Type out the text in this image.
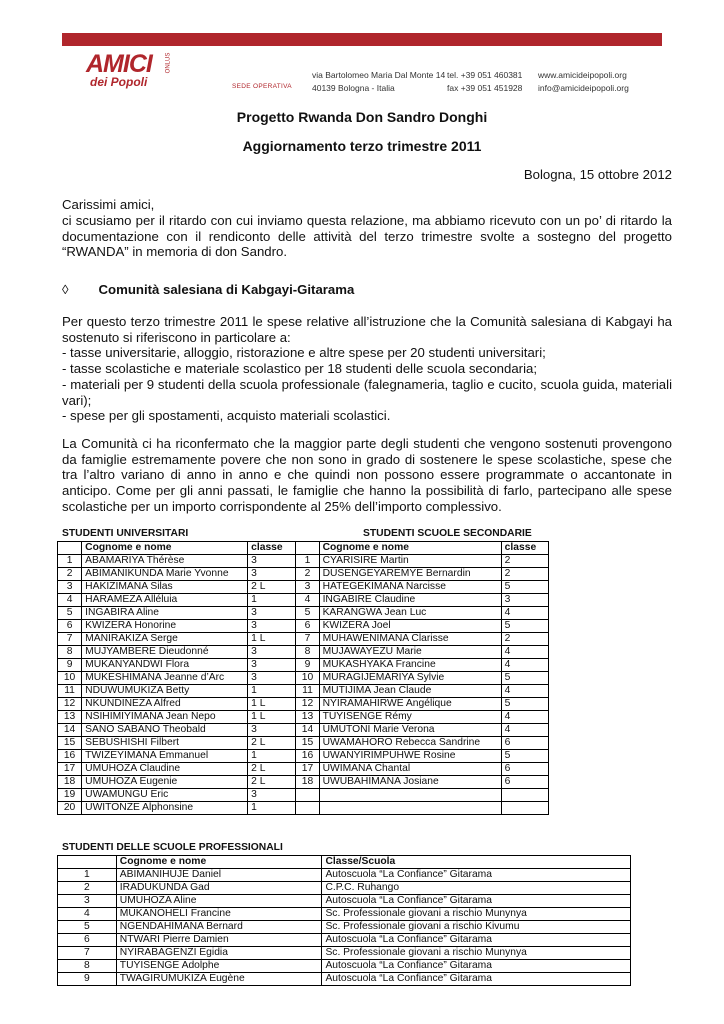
AMICI
dei Popoli
ONLUS
SEDE OPERATIVA
via Bartolomeo Maria Dal Monte 14
40139 Bologna - Italia
tel. +39 051 460381
fax +39 051 451928
www.amicideipopoli.org
info@amicideipopoli.org
Progetto Rwanda Don Sandro Donghi
Aggiornamento terzo trimestre 2011
Bologna, 15 ottobre 2012
Carissimi amici,
ci scusiamo per il ritardo con cui inviamo questa relazione, ma abbiamo ricevuto con un po’ di ritardo la documentazione con il rendiconto delle attività del terzo trimestre svolte a sostegno del progetto “RWANDA” in memoria di don Sandro.
◊ Comunità salesiana di Kabgayi-Gitarama
Per questo terzo trimestre 2011 le spese relative all’istruzione che la Comunità salesiana di Kabgayi ha sostenuto si riferiscono in particolare a:
- tasse universitarie, alloggio, ristorazione e altre spese per 20 studenti universitari;
- tasse scolastiche e materiale scolastico per 18 studenti delle scuola secondaria;
- materiali per 9 studenti della scuola professionale (falegnameria, taglio e cucito, scuola guida, materiali vari);
- spese per gli spostamenti, acquisto materiali scolastici.
La Comunità ci ha riconfermato che la maggior parte degli studenti che vengono sostenuti provengono da famiglie estremamente povere che non sono in grado di sostenere le spese scolastiche, spese che tra l’altro variano di anno in anno e che quindi non possono essere programmate o accantonate in anticipo. Come per gli anni passati, le famiglie che hanno la possibilità di farlo, partecipano alle spese scolastiche per un importo corrispondente al 25% dell’importo complessivo.
STUDENTI UNIVERSITARI	STUDENTI SCUOLE SECONDARIE
	Cognome e nome	classe		Cognome e nome	classe
1	ABAMARIYA Thérèse	3	1	CYARISIRE Martin	2
2	ABIMANIKUNDA Marie Yvonne	3	2	DUSENGEYAREMYE Bernardin	2
3	HAKIZIMANA Silas	2 L	3	HATEGEKIMANA Narcisse	5
4	HARAMEZA Alléluia	1	4	INGABIRE Claudine	3
5	INGABIRA Aline	3	5	KARANGWA Jean Luc	4
6	KWIZERA Honorine	3	6	KWIZERA Joel	5
7	MANIRAKIZA Serge	1 L	7	MUHAWENIMANA Clarisse	2
8	MUJYAMBERE Dieudonné	3	8	MUJAWAYEZU Marie	4
9	MUKANYANDWI Flora	3	9	MUKASHYAKA Francine	4
10	MUKESHIMANA Jeanne d’Arc	3	10	MURAGIJEMARIYA Sylvie	5
11	NDUWUMUKIZA Betty	1	11	MUTIJIMA Jean Claude	4
12	NKUNDINEZA Alfred	1 L	12	NYIRAMAHIRWE Angélique	5
13	NSIHIMIYIMANA Jean Nepo	1 L	13	TUYISENGE Rémy	4
14	SANO SABANO Theobald	3	14	UMUTONI Marie Verona	4
15	SEBUSHISHI Filbert	2 L	15	UWAMAHORO Rebecca Sandrine	6
16	TWIZEYIMANA Emmanuel	1	16	UWANYIRIMPUHWE Rosine	5
17	UMUHOZA Claudine	2 L	17	UWIMANA Chantal	6
18	UMUHOZA Eugenie	2 L	18	UWUBAHIMANA Josiane	6
19	UWAMUNGU Eric	3			
20	UWITONZE Alphonsine	1			
STUDENTI DELLE SCUOLE PROFESSIONALI
	Cognome e nome	Classe/Scuola
1	ABIMANIHUJE Daniel	Autoscuola “La Confiance” Gitarama
2	IRADUKUNDA Gad	C.P.C. Ruhango
3	UMUHOZA Aline	Autoscuola “La Confiance” Gitarama
4	MUKANOHELI Francine	Sc. Professionale giovani a rischio Munynya
5	NGENDAHIMANA Bernard	Sc. Professionale giovani a rischio Kivumu
6	NTWARI Pierre Damien	Autoscuola “La Confiance” Gitarama
7	NYIRABAGENZI Egidia	Sc. Professionale giovani a rischio Munynya
8	TUYISENGE Adolphe	Autoscuola “La Confiance” Gitarama
9	TWAGIRUMUKIZA Eugène	Autoscuola “La Confiance” Gitarama
